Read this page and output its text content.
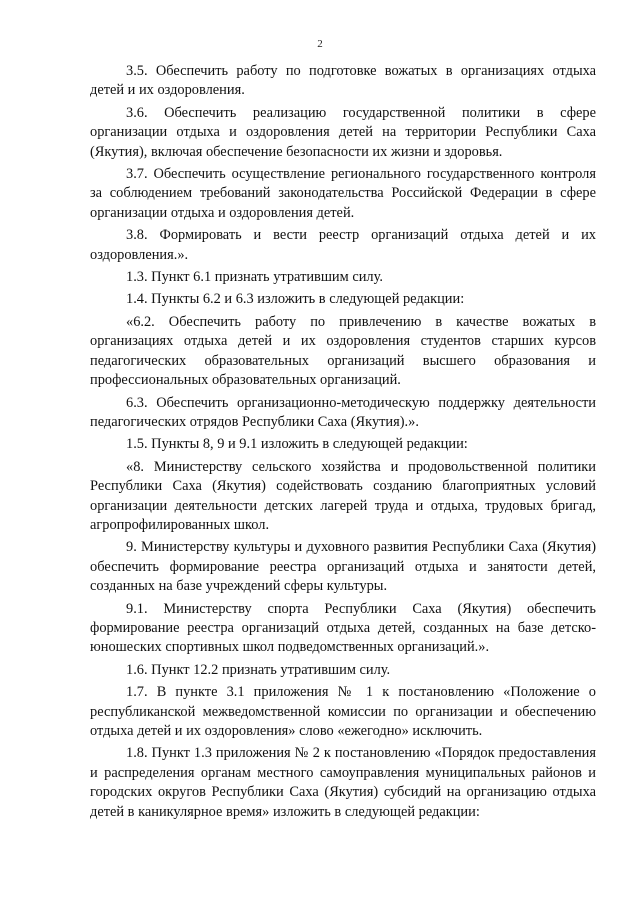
2

3.5. Обеспечить работу по подготовке вожатых в организациях отдыха детей и их оздоровления.

3.6. Обеспечить реализацию государственной политики в сфере организации отдыха и оздоровления детей на территории Республики Саха (Якутия), включая обеспечение безопасности их жизни и здоровья.

3.7. Обеспечить осуществление регионального государственного контроля за соблюдением требований законодательства Российской Федерации в сфере организации отдыха и оздоровления детей.

3.8. Формировать и вести реестр организаций отдыха детей и их оздоровления.».

1.3. Пункт 6.1 признать утратившим силу.

1.4. Пункты 6.2 и 6.3 изложить в следующей редакции:

«6.2. Обеспечить работу по привлечению в качестве вожатых в организациях отдыха детей и их оздоровления студентов старших курсов педагогических образовательных организаций высшего образования и профессиональных образовательных организаций.

6.3. Обеспечить организационно-методическую поддержку деятельности педагогических отрядов Республики Саха (Якутия).».

1.5. Пункты 8, 9 и 9.1 изложить в следующей редакции:

«8. Министерству сельского хозяйства и продовольственной политики Республики Саха (Якутия) содействовать созданию благоприятных условий организации деятельности детских лагерей труда и отдыха, трудовых бригад, агропрофилированных школ.

9. Министерству культуры и духовного развития Республики Саха (Якутия) обеспечить формирование реестра организаций отдыха и занятости детей, созданных на базе учреждений сферы культуры.

9.1. Министерству спорта Республики Саха (Якутия) обеспечить формирование реестра организаций отдыха детей, созданных на базе детско-юношеских спортивных школ подведомственных организаций.».

1.6. Пункт 12.2 признать утратившим силу.

1.7. В пункте 3.1 приложения № 1 к постановлению «Положение о республиканской межведомственной комиссии по организации и обеспечению отдыха детей и их оздоровления» слово «ежегодно» исключить.

1.8. Пункт 1.3 приложения № 2 к постановлению «Порядок предоставления и распределения органам местного самоуправления муниципальных районов и городских округов Республики Саха (Якутия) субсидий на организацию отдыха детей в каникулярное время» изложить в следующей редакции:
